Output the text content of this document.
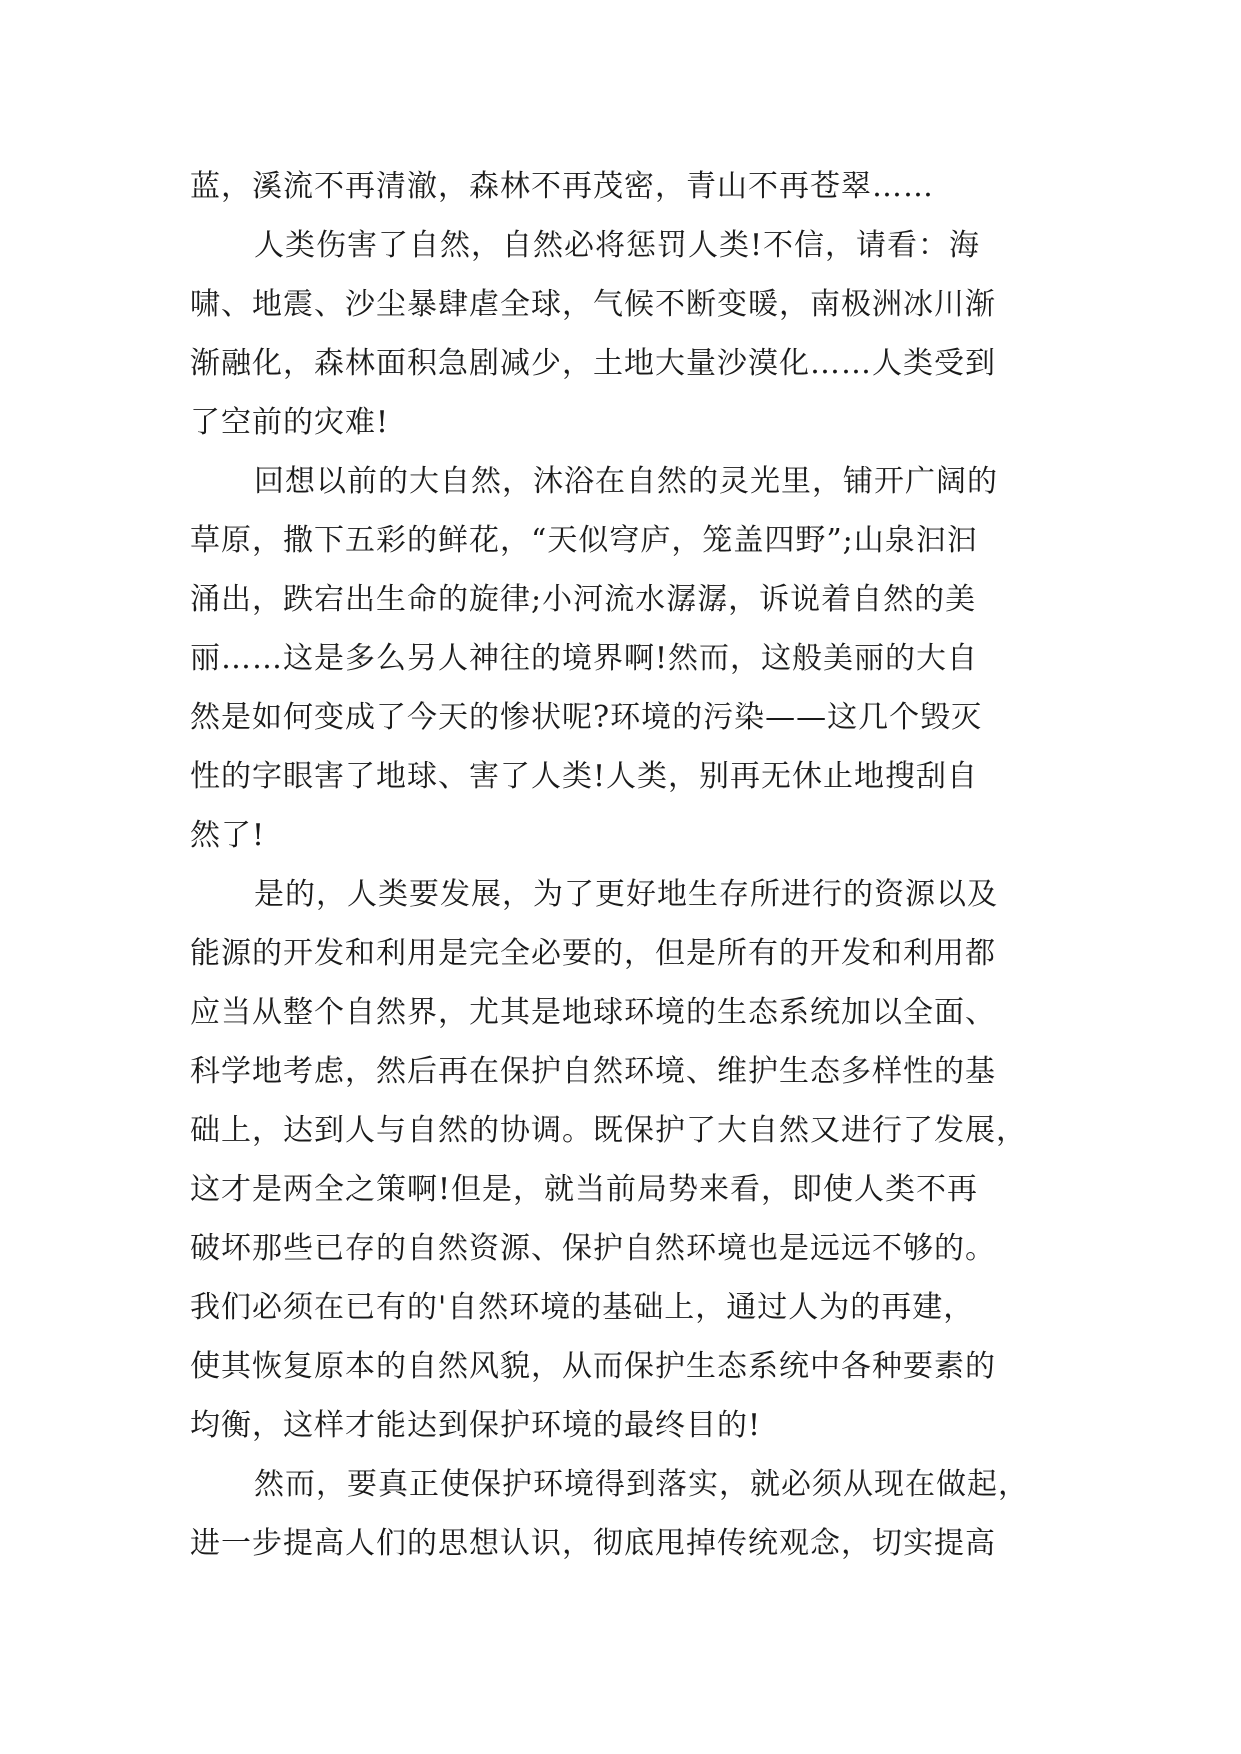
蓝，溪流不再清澈，森林不再茂密，青山不再苍翠……
人类伤害了自然，自然必将惩罚人类!不信，请看：海
啸、地震、沙尘暴肆虐全球，气候不断变暖，南极洲冰川渐
渐融化，森林面积急剧减少，土地大量沙漠化……人类受到
了空前的灾难!
回想以前的大自然，沐浴在自然的灵光里，铺开广阔的
草原，撒下五彩的鲜花，“天似穹庐，笼盖四野”;山泉汩汩
涌出，跌宕出生命的旋律;小河流水潺潺，诉说着自然的美
丽……这是多么另人神往的境界啊!然而，这般美丽的大自
然是如何变成了今天的惨状呢?环境的污染——这几个毁灭
性的字眼害了地球、害了人类!人类，别再无休止地搜刮自
然了!
是的，人类要发展，为了更好地生存所进行的资源以及
能源的开发和利用是完全必要的，但是所有的开发和利用都
应当从整个自然界，尤其是地球环境的生态系统加以全面、
科学地考虑，然后再在保护自然环境、维护生态多样性的基
础上，达到人与自然的协调。既保护了大自然又进行了发展，
这才是两全之策啊!但是，就当前局势来看，即使人类不再
破坏那些已存的自然资源、保护自然环境也是远远不够的。
我们必须在已有的'自然环境的基础上，通过人为的再建，
使其恢复原本的自然风貌，从而保护生态系统中各种要素的
均衡，这样才能达到保护环境的最终目的!
然而，要真正使保护环境得到落实，就必须从现在做起，
进一步提高人们的思想认识，彻底甩掉传统观念，切实提高
